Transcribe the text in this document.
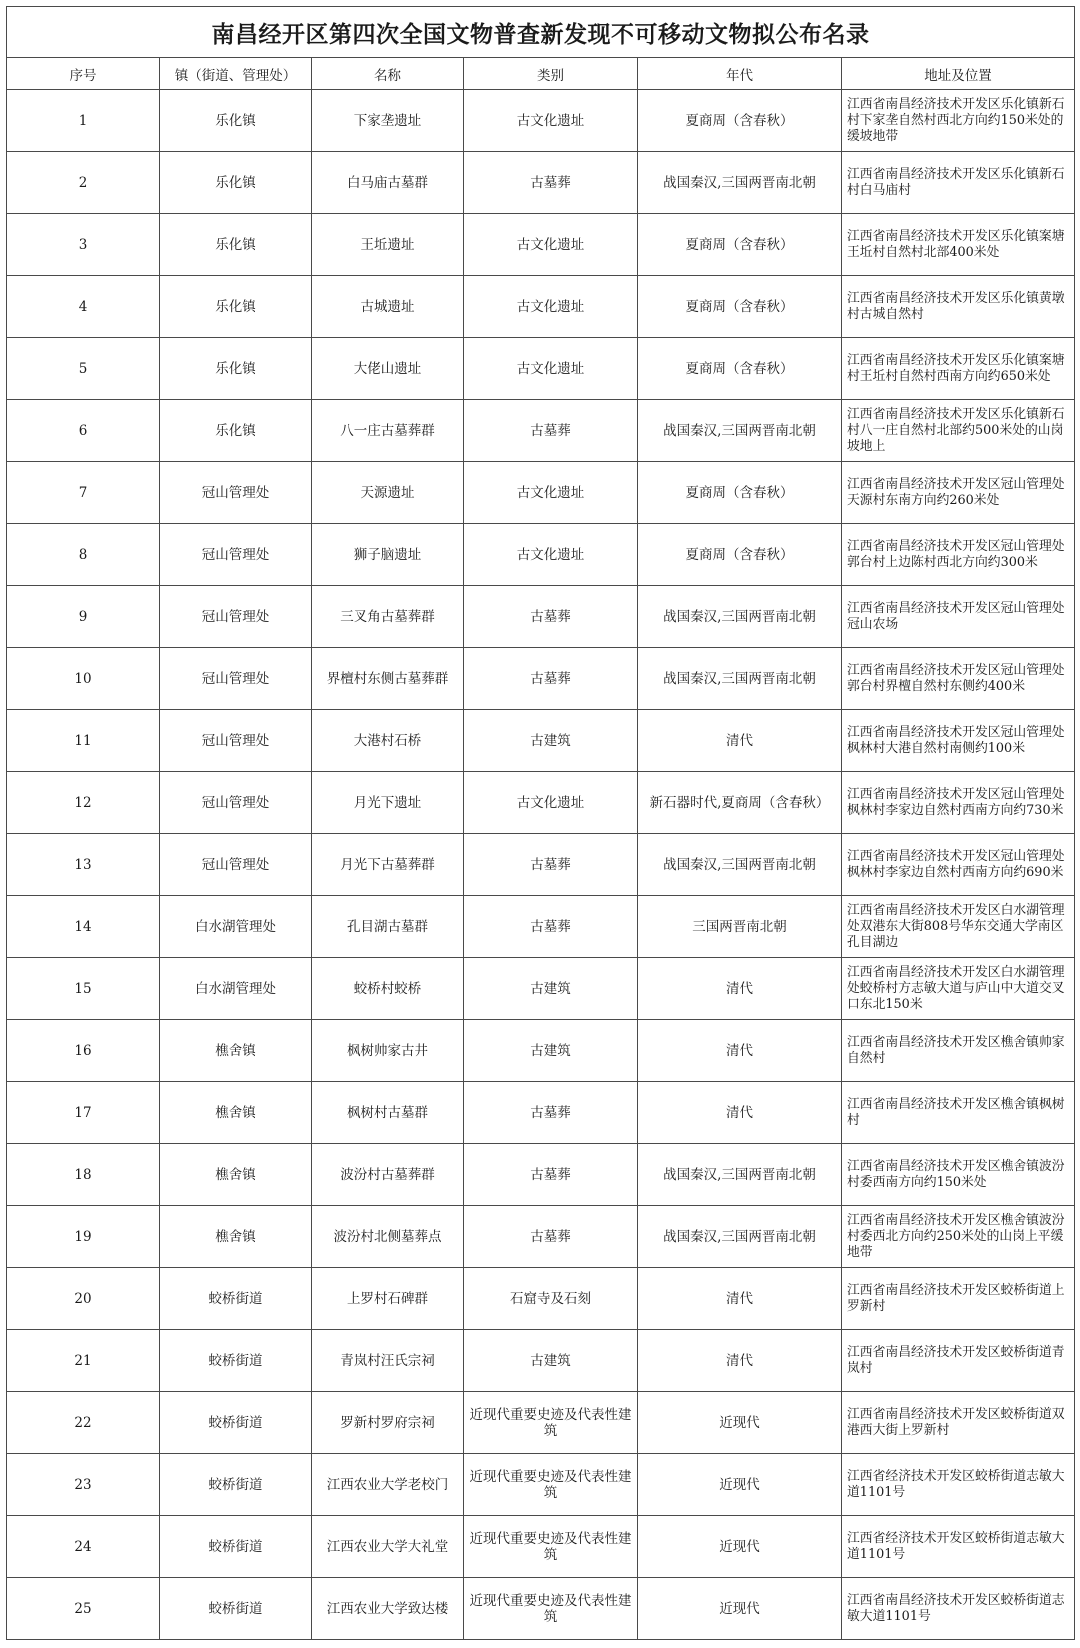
南昌经开区第四次全国文物普查新发现不可移动文物拟公布名录					
序号	镇（街道、管理处）	名称	类别	年代	地址及位置
1	乐化镇	下家垄遗址	古文化遗址	夏商周（含春秋）	江西省南昌经济技术开发区乐化镇新石村下家垄自然村西北方向约150米处的缓坡地带
2	乐化镇	白马庙古墓群	古墓葬	战国秦汉,三国两晋南北朝	江西省南昌经济技术开发区乐化镇新石村白马庙村
3	乐化镇	王坵遗址	古文化遗址	夏商周（含春秋）	江西省南昌经济技术开发区乐化镇案塘王坵村自然村北部400米处
4	乐化镇	古城遗址	古文化遗址	夏商周（含春秋）	江西省南昌经济技术开发区乐化镇黄墩村古城自然村
5	乐化镇	大佬山遗址	古文化遗址	夏商周（含春秋）	江西省南昌经济技术开发区乐化镇案塘村王坵村自然村西南方向约650米处
6	乐化镇	八一庄古墓葬群	古墓葬	战国秦汉,三国两晋南北朝	江西省南昌经济技术开发区乐化镇新石村八一庄自然村北部约500米处的山岗坡地上
7	冠山管理处	天源遗址	古文化遗址	夏商周（含春秋）	江西省南昌经济技术开发区冠山管理处天源村东南方向约260米处
8	冠山管理处	狮子脑遗址	古文化遗址	夏商周（含春秋）	江西省南昌经济技术开发区冠山管理处郭台村上边陈村西北方向约300米
9	冠山管理处	三叉角古墓葬群	古墓葬	战国秦汉,三国两晋南北朝	江西省南昌经济技术开发区冠山管理处冠山农场
10	冠山管理处	界檀村东侧古墓葬群	古墓葬	战国秦汉,三国两晋南北朝	江西省南昌经济技术开发区冠山管理处郭台村界檀自然村东侧约400米
11	冠山管理处	大港村石桥	古建筑	清代	江西省南昌经济技术开发区冠山管理处枫林村大港自然村南侧约100米
12	冠山管理处	月光下遗址	古文化遗址	新石器时代,夏商周（含春秋）	江西省南昌经济技术开发区冠山管理处枫林村李家边自然村西南方向约730米
13	冠山管理处	月光下古墓葬群	古墓葬	战国秦汉,三国两晋南北朝	江西省南昌经济技术开发区冠山管理处枫林村李家边自然村西南方向约690米
14	白水湖管理处	孔目湖古墓群	古墓葬	三国两晋南北朝	江西省南昌经济技术开发区白水湖管理处双港东大街808号华东交通大学南区孔目湖边
15	白水湖管理处	蛟桥村蛟桥	古建筑	清代	江西省南昌经济技术开发区白水湖管理处蛟桥村方志敏大道与庐山中大道交叉口东北150米
16	樵舍镇	枫树帅家古井	古建筑	清代	江西省南昌经济技术开发区樵舍镇帅家自然村
17	樵舍镇	枫树村古墓群	古墓葬	清代	江西省南昌经济技术开发区樵舍镇枫树村
18	樵舍镇	波汾村古墓葬群	古墓葬	战国秦汉,三国两晋南北朝	江西省南昌经济技术开发区樵舍镇波汾村委西南方向约150米处
19	樵舍镇	波汾村北侧墓葬点	古墓葬	战国秦汉,三国两晋南北朝	江西省南昌经济技术开发区樵舍镇波汾村委西北方向约250米处的山岗上平缓地带
20	蛟桥街道	上罗村石碑群	石窟寺及石刻	清代	江西省南昌经济技术开发区蛟桥街道上罗新村
21	蛟桥街道	青岚村汪氏宗祠	古建筑	清代	江西省南昌经济技术开发区蛟桥街道青岚村
22	蛟桥街道	罗新村罗府宗祠	近现代重要史迹及代表性建筑	近现代	江西省南昌经济技术开发区蛟桥街道双港西大街上罗新村
23	蛟桥街道	江西农业大学老校门	近现代重要史迹及代表性建筑	近现代	江西省经济技术开发区蛟桥街道志敏大道1101号
24	蛟桥街道	江西农业大学大礼堂	近现代重要史迹及代表性建筑	近现代	江西省经济技术开发区蛟桥街道志敏大道1101号
25	蛟桥街道	江西农业大学致达楼	近现代重要史迹及代表性建筑	近现代	江西省南昌经济技术开发区蛟桥街道志敏大道1101号
